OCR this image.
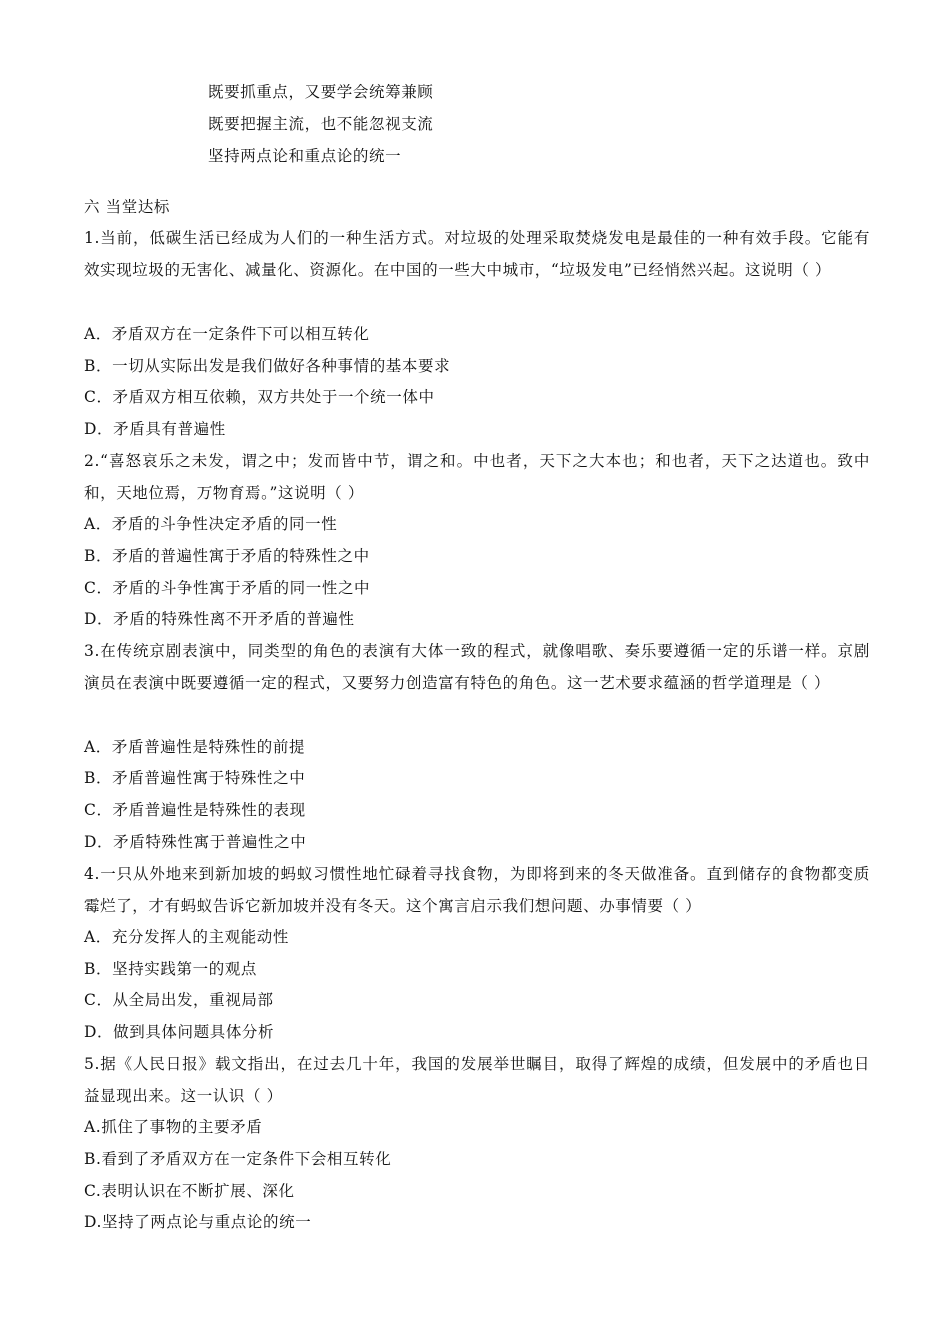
既要抓重点，又要学会统筹兼顾
既要把握主流，也不能忽视支流
坚持两点论和重点论的统一
六 当堂达标
1.当前，低碳生活已经成为人们的一种生活方式。对垃圾的处理采取焚烧发电是最佳的一种有效手段。它能有效实现垃圾的无害化、减量化、资源化。在中国的一些大中城市，“垃圾发电”已经悄然兴起。这说明（ ）
A．矛盾双方在一定条件下可以相互转化
B．一切从实际出发是我们做好各种事情的基本要求
C．矛盾双方相互依赖，双方共处于一个统一体中
D．矛盾具有普遍性
2.“喜怒哀乐之未发，谓之中；发而皆中节，谓之和。中也者，天下之大本也；和也者，天下之达道也。致中和，天地位焉，万物育焉。”这说明（ ）
A．矛盾的斗争性决定矛盾的同一性
B．矛盾的普遍性寓于矛盾的特殊性之中
C．矛盾的斗争性寓于矛盾的同一性之中
D．矛盾的特殊性离不开矛盾的普遍性
3.在传统京剧表演中，同类型的角色的表演有大体一致的程式，就像唱歌、奏乐要遵循一定的乐谱一样。京剧演员在表演中既要遵循一定的程式，又要努力创造富有特色的角色。这一艺术要求蕴涵的哲学道理是（ ）
A．矛盾普遍性是特殊性的前提
B．矛盾普遍性寓于特殊性之中
C．矛盾普遍性是特殊性的表现
D．矛盾特殊性寓于普遍性之中
4.一只从外地来到新加坡的蚂蚁习惯性地忙碌着寻找食物，为即将到来的冬天做准备。直到储存的食物都变质霉烂了，才有蚂蚁告诉它新加坡并没有冬天。这个寓言启示我们想问题、办事情要（ ）
A．充分发挥人的主观能动性
B．坚持实践第一的观点
C．从全局出发，重视局部
D．做到具体问题具体分析
5.据《人民日报》载文指出，在过去几十年，我国的发展举世瞩目，取得了辉煌的成绩，但发展中的矛盾也日益显现出来。这一认识（ ）
A.抓住了事物的主要矛盾
B.看到了矛盾双方在一定条件下会相互转化
C.表明认识在不断扩展、深化
D.坚持了两点论与重点论的统一
